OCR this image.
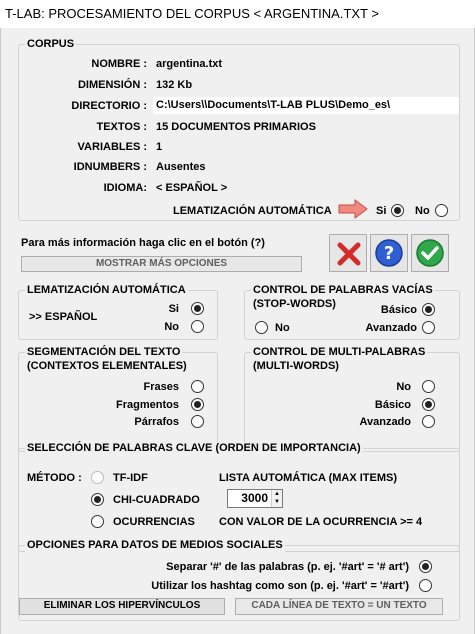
T-LAB: PROCESAMIENTO DEL CORPUS < ARGENTINA.TXT >
CORPUS
NOMBRE : argentina.txt
DIMENSIÓN : 132 Kb
DIRECTORIO : C:\Users\\Documents\T-LAB PLUS\Demo_es\
TEXTOS : 15 DOCUMENTOS PRIMARIOS
VARIABLES : 1
IDNUMBERS : Ausentes
IDIOMA: < ESPAÑOL >
LEMATIZACIÓN AUTOMÁTICA	Si	No
Para más información haga clic en el botón (?)
MOSTRAR MÁS OPCIONES	?
LEMATIZACIÓN AUTOMÁTICA
>> ESPAÑOL
Si
No
CONTROL DE PALABRAS VACÍAS
(STOP-WORDS)	Básico
No	Avanzado
SEGMENTACIÓN DEL TEXTO
(CONTEXTOS ELEMENTALES)
Frases
Fragmentos
Párrafos
CONTROL DE MULTI-PALABRAS
(MULTI-WORDS)
No
Básico
Avanzado
SELECCIÓN DE PALABRAS CLAVE (ORDEN DE IMPORTANCIA)
MÉTODO :	TF-IDF
CHI-CUADRADO
OCURRENCIAS
LISTA AUTOMÁTICA (MAX ITEMS)
3000	▲
▼
CON VALOR DE LA OCURRENCIA >= 4
OPCIONES PARA DATOS DE MEDIOS SOCIALES
Separar '#' de las palabras (p. ej. '#art' = '# art')
Utilizar los hashtag como son (p. ej. '#art' = '#art')
ELIMINAR LOS HIPERVÍNCULOS	CADA LÍNEA DE TEXTO = UN TEXTO
